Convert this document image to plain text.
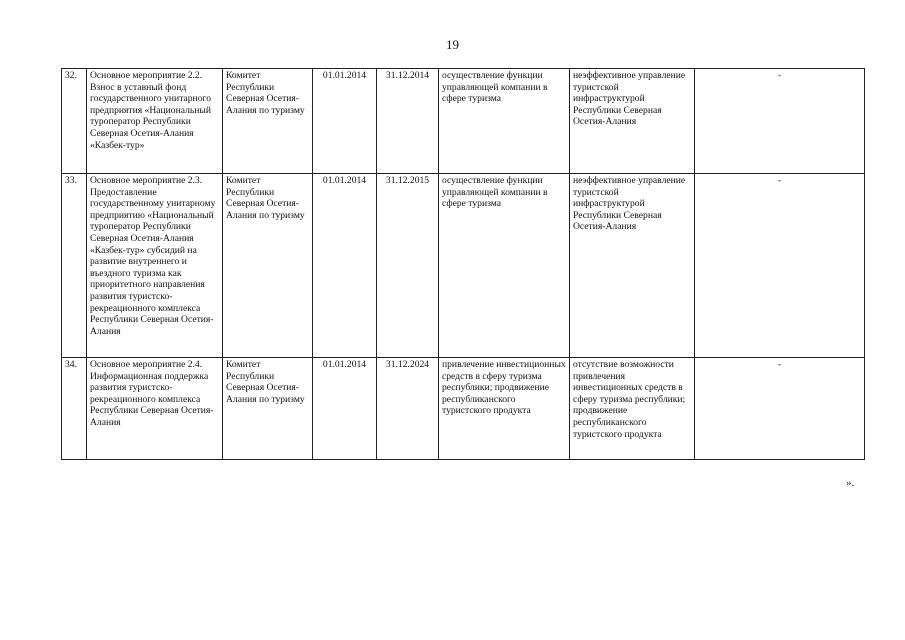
19
32.	Основное мероприятие 2.2. Взнос в уставный фонд государственного унитарного предприятия «Национальный туроператор Республики Северная Осетия-Алания «Казбек-тур»	Комитет Республики Северная Осетия-Алания по туризму	01.01.2014	31.12.2014	осуществление функции управляющей компании в сфере туризма	неэффективное управление туристской инфраструктурой Республики Северная Осетия-Алания	-
33.	Основное мероприятие 2.3. Предоставление государственному унитарному предприятию «Национальный туроператор Республики Северная Осетия-Алания «Казбек-тур» субсидий на развитие внутреннего и въездного туризма как приоритетного направления развития туристско-рекреационного комплекса Республики Северная Осетия-Алания	Комитет Республики Северная Осетия-Алания по туризму	01.01.2014	31.12.2015	осуществление функции управляющей компании в сфере туризма	неэффективное управление туристской инфраструктурой Республики Северная Осетия-Алания	-
34.	Основное мероприятие 2.4. Информационная поддержка развития туристско-рекреационного комплекса Республики Северная Осетия-Алания	Комитет Республики Северная Осетия-Алания по туризму	01.01.2014	31.12.2024	привлечение инвестиционных средств в сферу туризма республики; продвижение республиканского туристского продукта	отсутствие возможности привлечения инвестиционных средств в сферу туризма республики; продвижение республиканского туристского продукта	-
».
